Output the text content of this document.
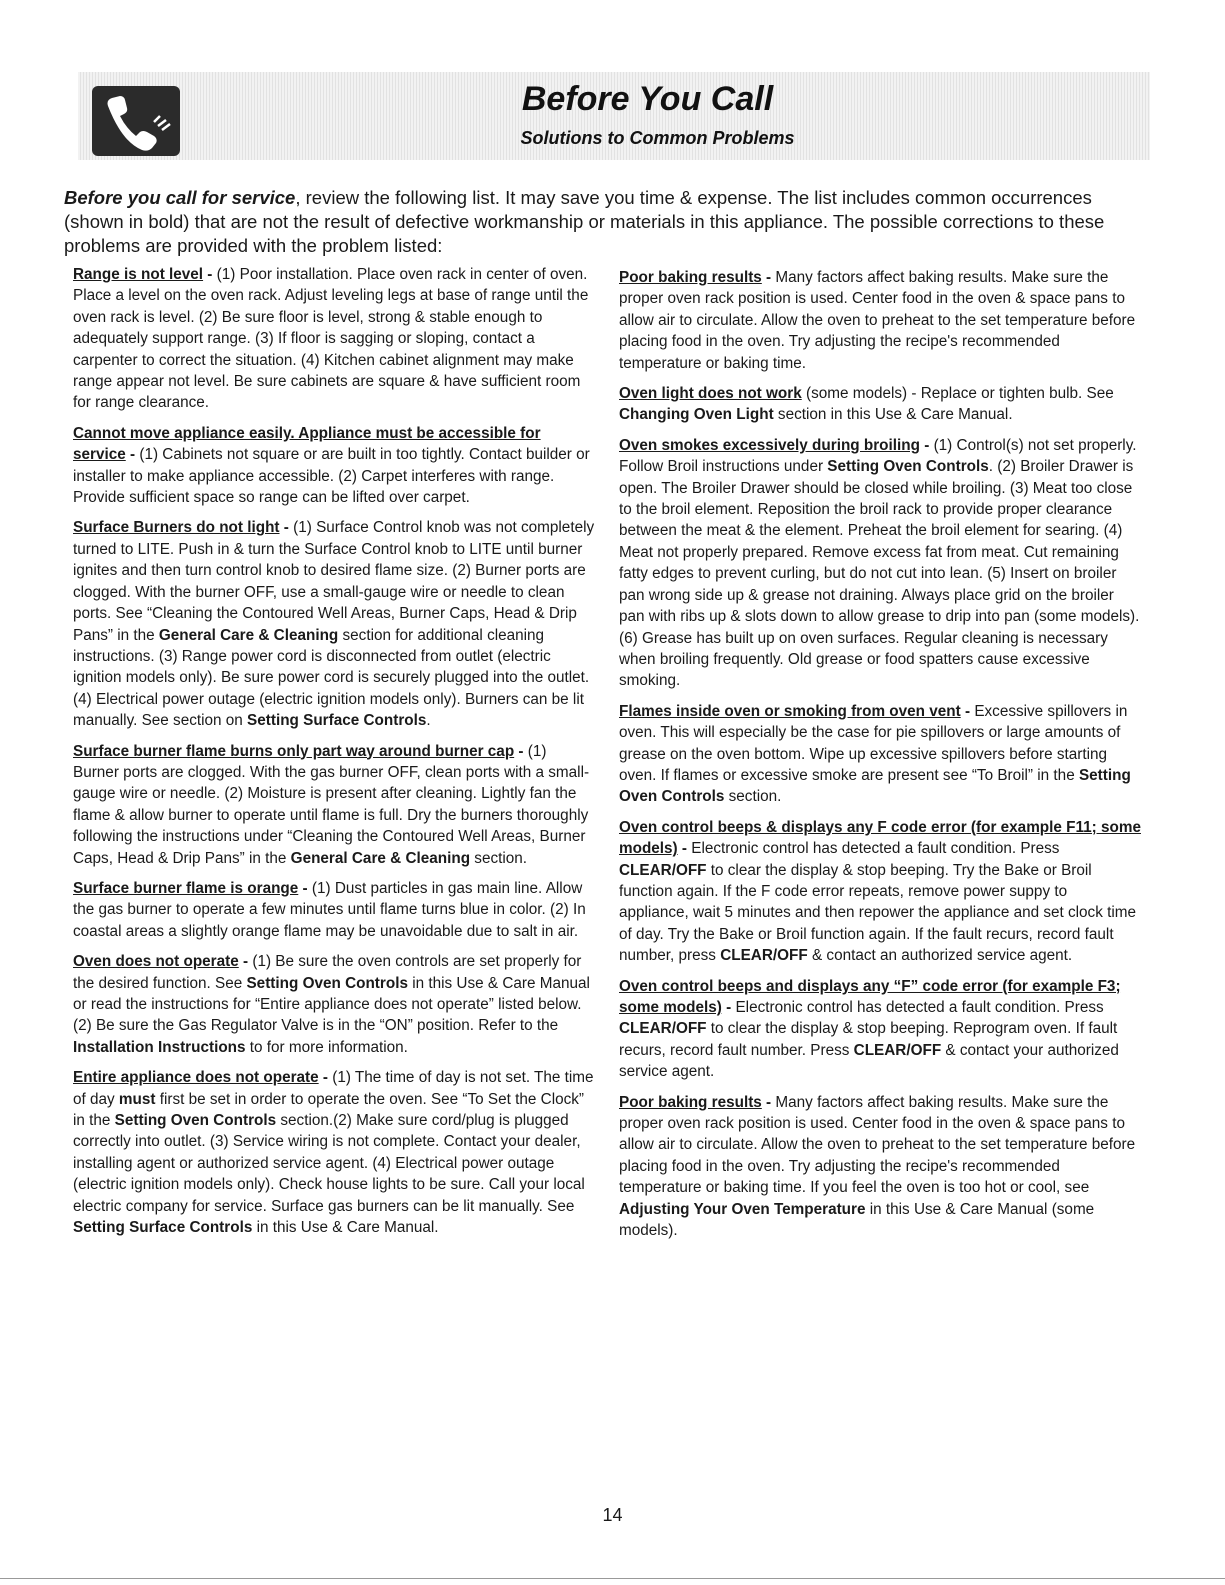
Before You Call
Solutions to Common Problems

Before you call for service, review the following list. It may save you time & expense. The list includes common occurrences (shown in bold) that are not the result of defective workmanship or materials in this appliance. The possible corrections to these problems are provided with the problem listed:

Range is not level - (1) Poor installation. Place oven rack in center of oven. Place a level on the oven rack. Adjust leveling legs at base of range until the oven rack is level. (2) Be sure floor is level, strong & stable enough to adequately support range. (3) If floor is sagging or sloping, contact a carpenter to correct the situation. (4) Kitchen cabinet alignment may make range appear not level. Be sure cabinets are square & have sufficient room for range clearance.

Cannot move appliance easily. Appliance must be accessible for service - (1) Cabinets not square or are built in too tightly. Contact builder or installer to make appliance accessible. (2) Carpet interferes with range. Provide sufficient space so range can be lifted over carpet.

Surface Burners do not light - (1) Surface Control knob was not completely turned to LITE. Push in & turn the Surface Control knob to LITE until burner ignites and then turn control knob to desired flame size. (2) Burner ports are clogged. With the burner OFF, use a small-gauge wire or needle to clean ports. See “Cleaning the Contoured Well Areas, Burner Caps, Head & Drip Pans” in the General Care & Cleaning section for additional cleaning instructions. (3) Range power cord is disconnected from outlet (electric ignition models only). Be sure power cord is securely plugged into the outlet. (4) Electrical power outage (electric ignition models only). Burners can be lit manually. See section on Setting Surface Controls.

Surface burner flame burns only part way around burner cap - (1) Burner ports are clogged. With the gas burner OFF, clean ports with a small-gauge wire or needle. (2) Moisture is present after cleaning. Lightly fan the flame & allow burner to operate until flame is full. Dry the burners thoroughly following the instructions under “Cleaning the Contoured Well Areas, Burner Caps, Head & Drip Pans” in the General Care & Cleaning section.

Surface burner flame is orange - (1) Dust particles in gas main line. Allow the gas burner to operate a few minutes until flame turns blue in color. (2) In coastal areas a slightly orange flame may be unavoidable due to salt in air.

Oven does not operate - (1) Be sure the oven controls are set properly for the desired function. See Setting Oven Controls in this Use & Care Manual or read the instructions for “Entire appliance does not operate” listed below. (2) Be sure the Gas Regulator Valve is in the “ON” position. Refer to the Installation Instructions to for more information.

Entire appliance does not operate - (1) The time of day is not set. The time of day must first be set in order to operate the oven. See “To Set the Clock” in the Setting Oven Controls section.(2) Make sure cord/plug is plugged correctly into outlet. (3) Service wiring is not complete. Contact your dealer, installing agent or authorized service agent. (4) Electrical power outage (electric ignition models only). Check house lights to be sure. Call your local electric company for service. Surface gas burners can be lit manually. See Setting Surface Controls in this Use & Care Manual.

Poor baking results - Many factors affect baking results. Make sure the proper oven rack position is used. Center food in the oven & space pans to allow air to circulate. Allow the oven to preheat to the set temperature before placing food in the oven. Try adjusting the recipe's recommended temperature or baking time.

Oven light does not work (some models) - Replace or tighten bulb. See Changing Oven Light section in this Use & Care Manual.

Oven smokes excessively during broiling - (1) Control(s) not set properly. Follow Broil instructions under Setting Oven Controls. (2) Broiler Drawer is open. The Broiler Drawer should be closed while broiling. (3) Meat too close to the broil element. Reposition the broil rack to provide proper clearance between the meat & the element. Preheat the broil element for searing. (4) Meat not properly prepared. Remove excess fat from meat. Cut remaining fatty edges to prevent curling, but do not cut into lean. (5) Insert on broiler pan wrong side up & grease not draining. Always place grid on the broiler pan with ribs up & slots down to allow grease to drip into pan (some models). (6) Grease has built up on oven surfaces. Regular cleaning is necessary when broiling frequently. Old grease or food spatters cause excessive smoking.

Flames inside oven or smoking from oven vent - Excessive spillovers in oven. This will especially be the case for pie spillovers or large amounts of grease on the oven bottom. Wipe up excessive spillovers before starting oven. If flames or excessive smoke are present see “To Broil” in the Setting Oven Controls section.

Oven control beeps & displays any F code error (for example F11; some models) - Electronic control has detected a fault condition. Press CLEAR/OFF to clear the display & stop beeping. Try the Bake or Broil function again. If the F code error repeats, remove power suppy to appliance, wait 5 minutes and then repower the appliance and set clock time of day. Try the Bake or Broil function again. If the fault recurs, record fault number, press CLEAR/OFF & contact an authorized service agent.

Oven control beeps and displays any “F” code error (for example F3; some models) - Electronic control has detected a fault condition. Press CLEAR/OFF to clear the display & stop beeping. Reprogram oven. If fault recurs, record fault number. Press CLEAR/OFF & contact your authorized service agent.

Poor baking results - Many factors affect baking results. Make sure the proper oven rack position is used. Center food in the oven & space pans to allow air to circulate. Allow the oven to preheat to the set temperature before placing food in the oven. Try adjusting the recipe's recommended temperature or baking time. If you feel the oven is too hot or cool, see Adjusting Your Oven Temperature in this Use & Care Manual (some models).

14
